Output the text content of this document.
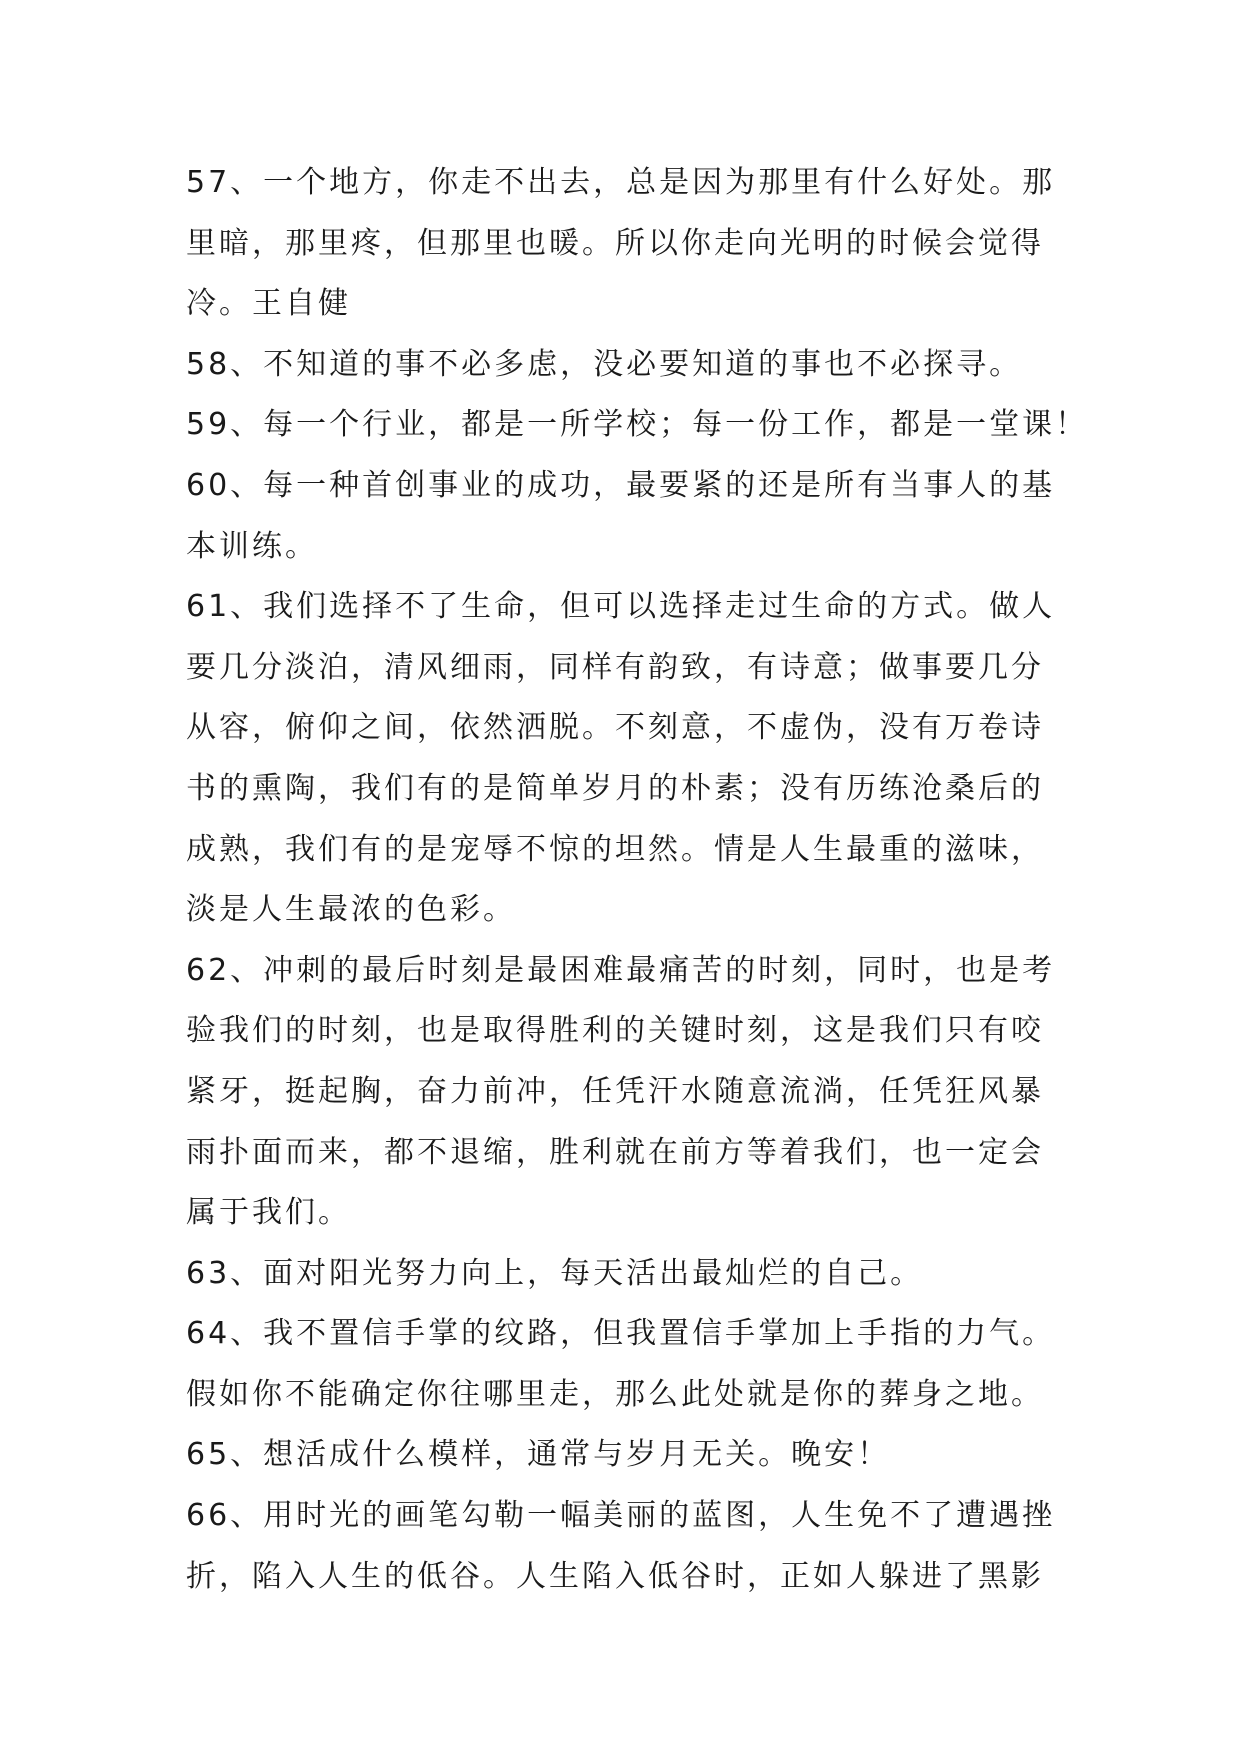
57、一个地方，你走不出去，总是因为那里有什么好处。那
里暗，那里疼，但那里也暖。所以你走向光明的时候会觉得
冷。王自健
58、不知道的事不必多虑，没必要知道的事也不必探寻。
59、每一个行业，都是一所学校；每一份工作，都是一堂课！
60、每一种首创事业的成功，最要紧的还是所有当事人的基
本训练。
61、我们选择不了生命，但可以选择走过生命的方式。做人
要几分淡泊，清风细雨，同样有韵致，有诗意；做事要几分
从容，俯仰之间，依然洒脱。不刻意，不虚伪，没有万卷诗
书的熏陶，我们有的是简单岁月的朴素；没有历练沧桑后的
成熟，我们有的是宠辱不惊的坦然。情是人生最重的滋味，
淡是人生最浓的色彩。
62、冲刺的最后时刻是最困难最痛苦的时刻，同时，也是考
验我们的时刻，也是取得胜利的关键时刻，这是我们只有咬
紧牙，挺起胸，奋力前冲，任凭汗水随意流淌，任凭狂风暴
雨扑面而来，都不退缩，胜利就在前方等着我们，也一定会
属于我们。
63、面对阳光努力向上，每天活出最灿烂的自己。
64、我不置信手掌的纹路，但我置信手掌加上手指的力气。
假如你不能确定你往哪里走，那么此处就是你的葬身之地。
65、想活成什么模样，通常与岁月无关。晚安！
66、用时光的画笔勾勒一幅美丽的蓝图，人生免不了遭遇挫
折，陷入人生的低谷。人生陷入低谷时，正如人躲进了黑影
